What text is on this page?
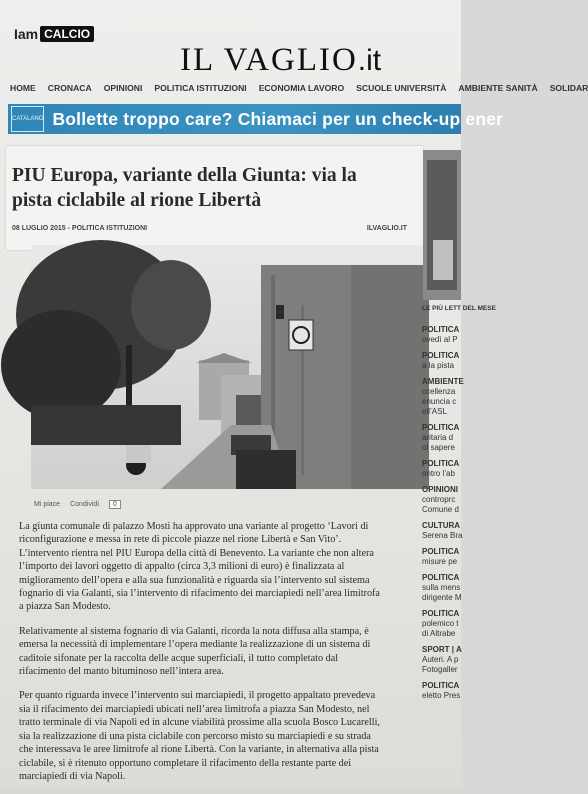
Iam CALCIO
IL VAGLIO.it
HOME CRONACA OPINIONI POLITICA ISTITUZIONI ECONOMIA LAVORO SCUOLE UNIVERSITÀ AMBIENTE SANITÀ SOLIDAR
CATALANO Bollette troppo care? Chiamaci per un check-up ener
PIU Europa, variante della Giunta: via la pista ciclabile al rione Libertà
08 LUGLIO 2015 - POLITICA ISTITUZIONI	ILVAGLIO.IT
Mi piace Condividi	0

La giunta comunale di palazzo Mosti ha approvato una variante al progetto ‘Lavori di riconfigurazione e messa in rete di piccole piazze nel rione Libertà e San Vito’. L’intervento rientra nel PIU Europa della città di Benevento. La variante che non altera l’importo dei lavori oggetto di appalto (circa 3,3 milioni di euro) è finalizzata al miglioramento dell’opera e alla sua funzionalità e riguarda sia l’intervento sul sistema fognario di via Galanti, sia l’intervento di rifacimento dei marciapiedi nell’area limitrofa a piazza San Modesto.

Relativamente al sistema fognario di via Galanti, ricorda la nota diffusa alla stampa, è emersa la necessità di implementare l’opera mediante la realizzazione di un sistema di caditoie sifonate per la raccolta delle acque superficiali, il tutto completato dal rifacimento del manto bituminoso nell’intera area.

Per quanto riguarda invece l’intervento sui marciapiedi, il progetto appaltato prevedeva sia il rifacimento dei marciapiedi ubicati nell’area limitrofa a piazza San Modesto, nel tratto terminale di via Napoli ed in alcune viabilità prossime alla scuola Bosco Lucarelli, sia la realizzazione di una pista ciclabile con percorso misto su marciapiedi e su strada che interessava le aree limitrofe al rione Libertà. Con la variante, in alternativa alla pista ciclabile, si è ritenuto opportuno completare il rifacimento della restante parte dei marciapiedi di via Napoli.

LE PIÙ LETT DEL MESE
POLITICA
ovedì al P
POLITICA
a la pista
AMBIENTE
ccellenza
enuncia c
ell’ASL
POLITICA
aritaria d
ol sapere
POLITICA
ontro l’ab
OPINIONI
controprc
Comune d
CULTURA
Serena Bra
POLITICA
misure pe
POLITICA
sulla mens
dirigente M
POLITICA
polemico t
di Altrabe
SPORT | A
Auteri. A p
Fotogaller
POLITICA
eletto Pres
